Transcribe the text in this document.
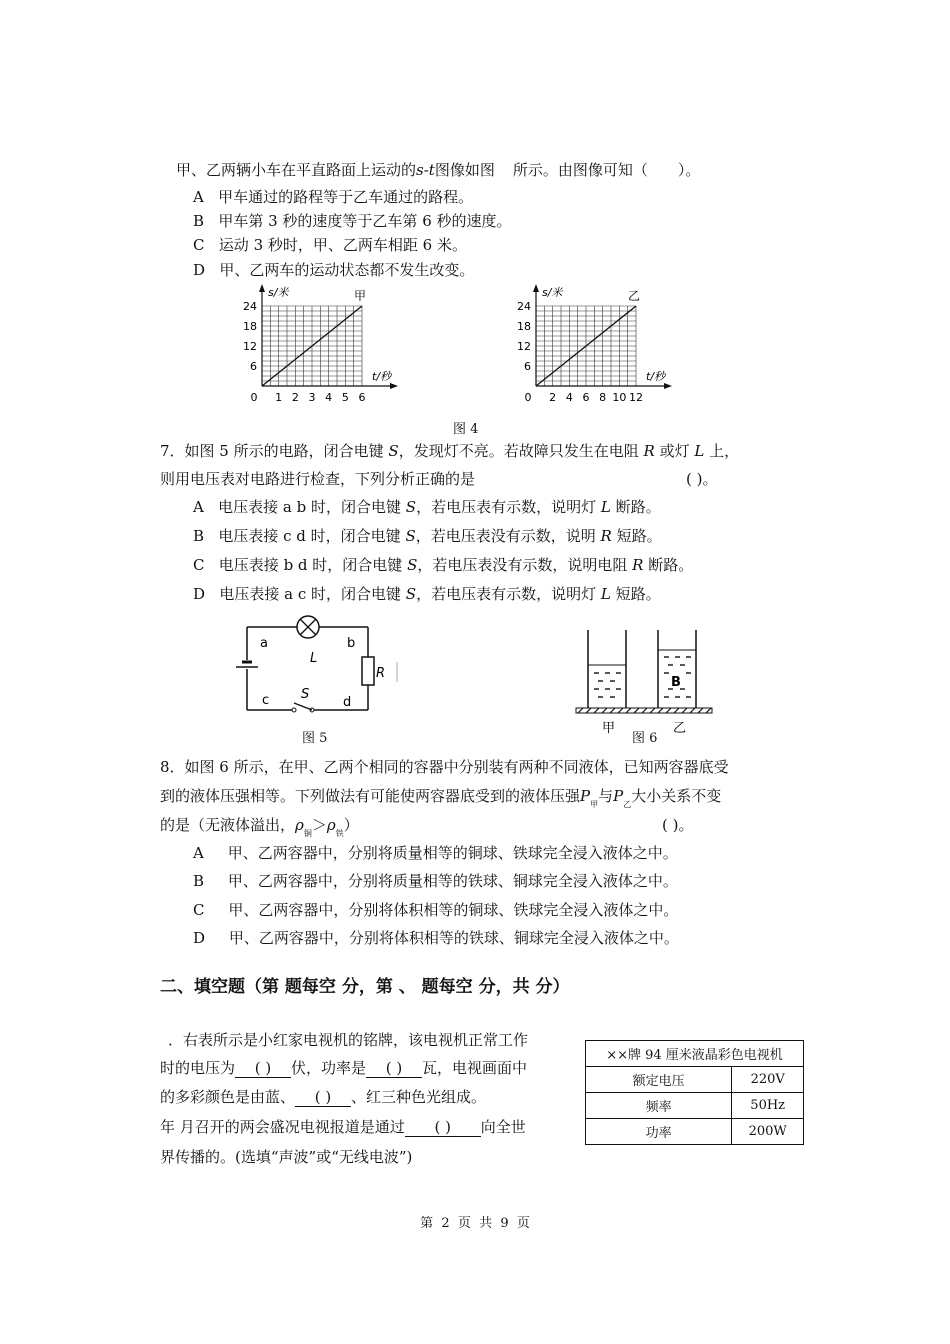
甲、乙两辆小车在平直路面上运动的s-t图像如图 所示。由图像可知（ ）。
A 甲车通过的路程等于乙车通过的路程。
B 甲车第 3 秒的速度等于乙车第 6 秒的速度。
C 运动 3 秒时，甲、乙两车相距 6 米。
D 甲、乙两车的运动状态都不发生改变。
0 1 2 3 4 5 6
6
12
18
24
s/米
t/秒
甲
0 2 4 6 8 10 12
6
12
18
24
s/米
t/秒
乙
图 4
7．如图 5 所示的电路，闭合电键 S，发现灯不亮。若故障只发生在电阻 R 或灯 L 上，
则用电压表对电路进行检查，下列分析正确的是	( )。
A 电压表接 a b 时，闭合电键 S，若电压表有示数，说明灯 L 断路。
B 电压表接 c d 时，闭合电键 S，若电压表没有示数，说明 R 短路。
C 电压表接 b d 时，闭合电键 S，若电压表没有示数，说明电阻 R 断路。
D 电压表接 a c 时，闭合电键 S，若电压表有示数，说明灯 L 短路。
a	b
c	d
L
S
R
图 5
B
甲	乙
图 6
8．如图 6 所示，在甲、乙两个相同的容器中分别装有两种不同液体，已知两容器底受
到的液体压强相等。下列做法有可能使两容器底受到的液体压强$P_甲$与$P_乙$大小关系不变
的是（无液体溢出，$\rho_铜>\rho_铁$）	( )。
A 甲、乙两容器中，分别将质量相等的铜球、铁球完全浸入液体之中。
B 甲、乙两容器中，分别将质量相等的铁球、铜球完全浸入液体之中。
C 甲、乙两容器中，分别将体积相等的铜球、铁球完全浸入液体之中。
D 甲、乙两容器中，分别将体积相等的铁球、铜球完全浸入液体之中。
二、填空题（第 题每空 分，第 、 题每空 分，共 分）
．右表所示是小红家电视机的铭牌，该电视机正常工作
时的电压为 ( ) 伏，功率是 ( ) 瓦，电视画面中
的多彩颜色是由蓝、 ( ) 、红三种色光组成。
年 月召开的两会盛况电视报道是通过 ( ) 向全世
界传播的。(选填“声波”或“无线电波”)
××牌 94 厘米液晶彩色电视机	
额定电压	220V
频率	50Hz
功率	200W
第  2  页  共  9  页
